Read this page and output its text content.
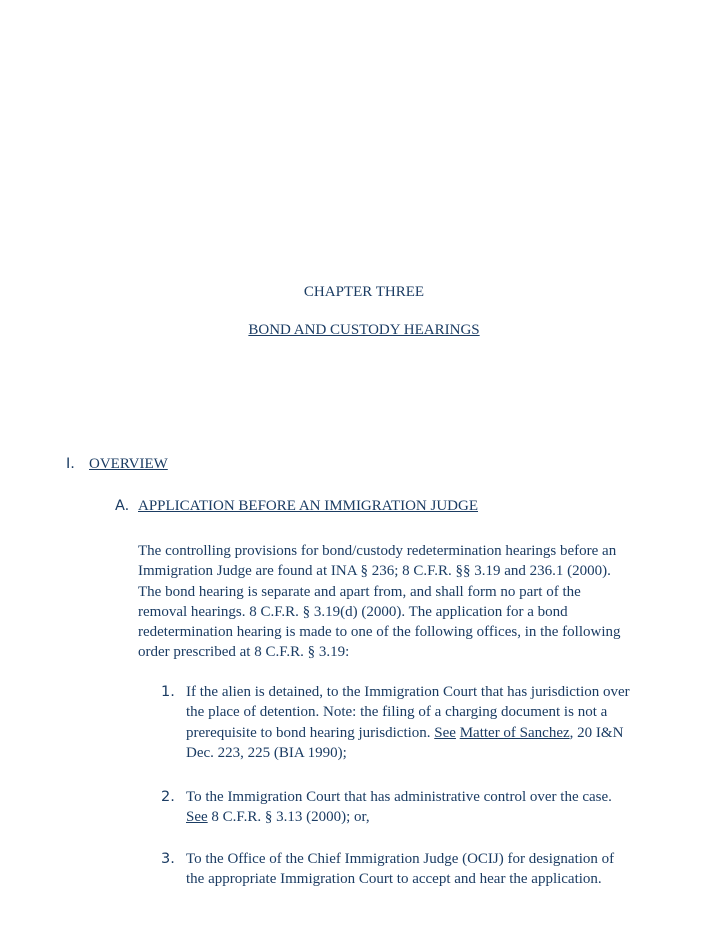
CHAPTER THREE
BOND AND CUSTODY HEARINGS
I. OVERVIEW
A. APPLICATION BEFORE AN IMMIGRATION JUDGE
The controlling provisions for bond/custody redetermination hearings before an
Immigration Judge are found at INA § 236; 8 C.F.R. §§ 3.19 and 236.1 (2000).
The bond hearing is separate and apart from, and shall form no part of the
removal hearings. 8 C.F.R. § 3.19(d) (2000). The application for a bond
redetermination hearing is made to one of the following offices, in the following
order prescribed at 8 C.F.R. § 3.19:
1. If the alien is detained, to the Immigration Court that has jurisdiction over
the place of detention. Note: the filing of a charging document is not a
prerequisite to bond hearing jurisdiction. See Matter of Sanchez, 20 I&N
Dec. 223, 225 (BIA 1990);
2. To the Immigration Court that has administrative control over the case.
See 8 C.F.R. § 3.13 (2000); or,
3. To the Office of the Chief Immigration Judge (OCIJ) for designation of
the appropriate Immigration Court to accept and hear the application.
